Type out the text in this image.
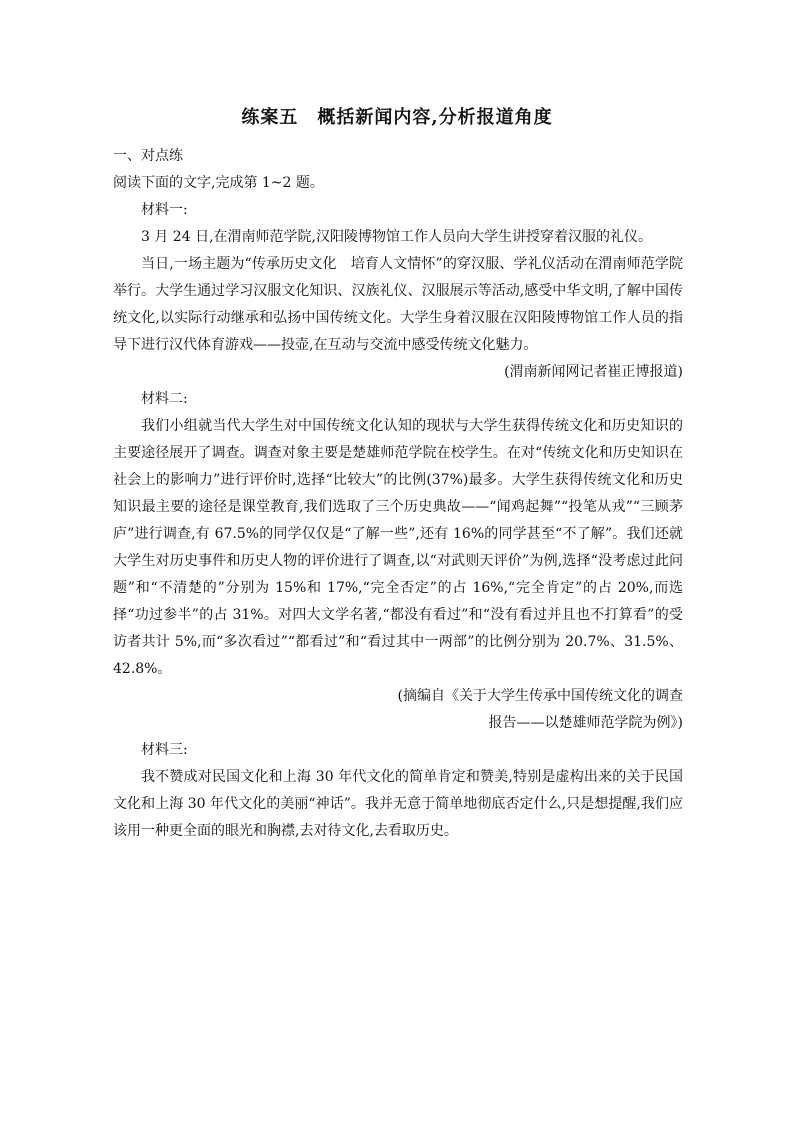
练案五　概括新闻内容,分析报道角度

一、对点练

阅读下面的文字,完成第 1~2 题。

材料一:

3 月 24 日,在渭南师范学院,汉阳陵博物馆工作人员向大学生讲授穿着汉服的礼仪。

当日,一场主题为“传承历史文化　培育人文情怀”的穿汉服、学礼仪活动在渭南师范学院举行。大学生通过学习汉服文化知识、汉族礼仪、汉服展示等活动,感受中华文明,了解中国传统文化,以实际行动继承和弘扬中国传统文化。大学生身着汉服在汉阳陵博物馆工作人员的指导下进行汉代体育游戏——投壶,在互动与交流中感受传统文化魅力。

(渭南新闻网记者崔正博报道)

材料二:

我们小组就当代大学生对中国传统文化认知的现状与大学生获得传统文化和历史知识的主要途径展开了调查。调查对象主要是楚雄师范学院在校学生。在对“传统文化和历史知识在社会上的影响力”进行评价时,选择“比较大”的比例(37%)最多。大学生获得传统文化和历史知识最主要的途径是课堂教育,我们选取了三个历史典故——“闻鸡起舞”“投笔从戎”“三顾茅庐”进行调查,有 67.5%的同学仅仅是“了解一些”,还有 16%的同学甚至“不了解”。我们还就大学生对历史事件和历史人物的评价进行了调查,以“对武则天评价”为例,选择“没考虑过此问题”和“不清楚的”分别为 15%和 17%,“完全否定”的占 16%,“完全肯定”的占 20%,而选择“功过参半”的占 31%。对四大文学名著,“都没有看过”和“没有看过并且也不打算看”的受访者共计 5%,而“多次看过”“都看过”和“看过其中一两部”的比例分别为 20.7%、31.5%、42.8%。

(摘编自《关于大学生传承中国传统文化的调查

报告——以楚雄师范学院为例》)

材料三:

我不赞成对民国文化和上海 30 年代文化的简单肯定和赞美,特别是虚构出来的关于民国文化和上海 30 年代文化的美丽“神话”。我并无意于简单地彻底否定什么,只是想提醒,我们应该用一种更全面的眼光和胸襟,去对待文化,去看取历史。
